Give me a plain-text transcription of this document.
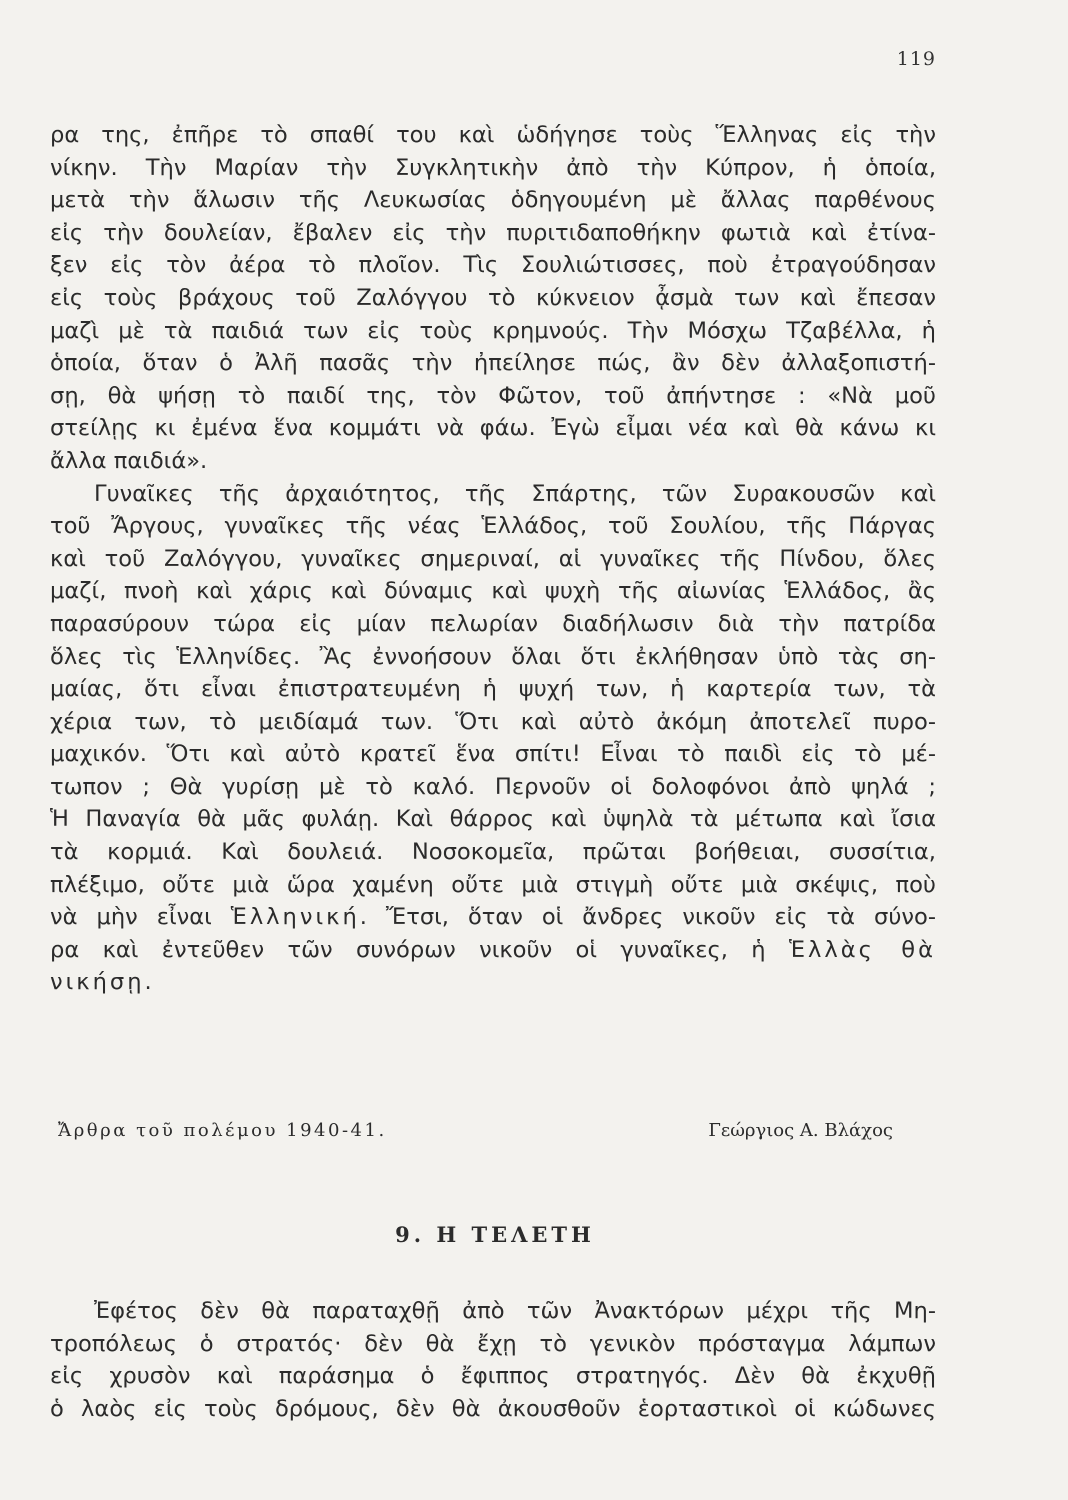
119
ρα της, ἐπῆρε τὸ σπαθί του καὶ ὡδήγησε τοὺς Ἕλληνας εἰς τὴν
νίκην. Τὴν Μαρίαν τὴν Συγκλητικὴν ἀπὸ τὴν Κύπρον, ἡ ὁποία,
μετὰ τὴν ἅλωσιν τῆς Λευκωσίας ὁδηγουμένη μὲ ἄλλας παρθένους
εἰς τὴν δουλείαν, ἔβαλεν εἰς τὴν πυριτιδαποθήκην φωτιὰ καὶ ἐτίνα-
ξεν εἰς τὸν ἀέρα τὸ πλοῖον. Τὶς Σουλιώτισσες, ποὺ ἐτραγούδησαν
εἰς τοὺς βράχους τοῦ Ζαλόγγου τὸ κύκνειον ᾆσμὰ των καὶ ἔπεσαν
μαζὶ μὲ τὰ παιδιά των εἰς τοὺς κρημνούς. Τὴν Μόσχω Τζαβέλλα, ἡ
ὁποία, ὅταν ὁ Ἀλῆ πασᾶς τὴν ἠπείλησε πώς, ἂν δὲν ἀλλαξοπιστή-
σῃ, θὰ ψήσῃ τὸ παιδί της, τὸν Φῶτον, τοῦ ἀπήντησε : «Νὰ μοῦ
στείλῃς κι ἐμένα ἕνα κομμάτι νὰ φάω. Ἐγὼ εἶμαι νέα καὶ θὰ κάνω κι
ἄλλα παιδιά».
Γυναῖκες τῆς ἀρχαιότητος, τῆς Σπάρτης, τῶν Συρακουσῶν καὶ
τοῦ Ἄργους, γυναῖκες τῆς νέας Ἑλλάδος, τοῦ Σουλίου, τῆς Πάργας
καὶ τοῦ Ζαλόγγου, γυναῖκες σημεριναί, αἱ γυναῖκες τῆς Πίνδου, ὅλες
μαζί, πνοὴ καὶ χάρις καὶ δύναμις καὶ ψυχὴ τῆς αἰωνίας Ἑλλάδος, ἂς
παρασύρουν τώρα εἰς μίαν πελωρίαν διαδήλωσιν διὰ τὴν πατρίδα
ὅλες τὶς Ἑλληνίδες. Ἂς ἐννοήσουν ὅλαι ὅτι ἐκλήθησαν ὑπὸ τὰς ση-
μαίας, ὅτι εἶναι ἐπιστρατευμένη ἡ ψυχή των, ἡ καρτερία των, τὰ
χέρια των, τὸ μειδίαμά των. Ὅτι καὶ αὐτὸ ἀκόμη ἀποτελεῖ πυρο-
μαχικόν. Ὅτι καὶ αὐτὸ κρατεῖ ἕνα σπίτι! Εἶναι τὸ παιδὶ εἰς τὸ μέ-
τωπον ; Θὰ γυρίσῃ μὲ τὸ καλό. Περνοῦν οἱ δολοφόνοι ἀπὸ ψηλά ;
Ἡ Παναγία θὰ μᾶς φυλάῃ. Καὶ θάρρος καὶ ὑψηλὰ τὰ μέτωπα καὶ ἴσια
τὰ κορμιά. Καὶ δουλειά. Νοσοκομεῖα, πρῶται βοήθειαι, συσσίτια,
πλέξιμο, οὔτε μιὰ ὥρα χαμένη οὔτε μιὰ στιγμὴ οὔτε μιὰ σκέψις, ποὺ
νὰ μὴν εἶναι Ἑλληνική. Ἔτσι, ὅταν οἱ ἄνδρες νικοῦν εἰς τὰ σύνο-
ρα καὶ ἐντεῦθεν τῶν συνόρων νικοῦν οἱ γυναῖκες, ἡ Ἑλλὰς θὰ
νικήσῃ.
Ἄρθρα τοῦ πολέμου 1940-41.	Γεώργιος Α. Βλάχος
9. Η ΤΕΛΕΤΗ
Ἐφέτος δὲν θὰ παραταχθῇ ἀπὸ τῶν Ἀνακτόρων μέχρι τῆς Μη-
τροπόλεως ὁ στρατός· δὲν θὰ ἔχῃ τὸ γενικὸν πρόσταγμα λάμπων
εἰς χρυσὸν καὶ παράσημα ὁ ἔφιππος στρατηγός. Δὲν θὰ ἐκχυθῇ
ὁ λαὸς εἰς τοὺς δρόμους, δὲν θὰ ἀκουσθοῦν ἑορταστικοὶ οἱ κώδωνες
